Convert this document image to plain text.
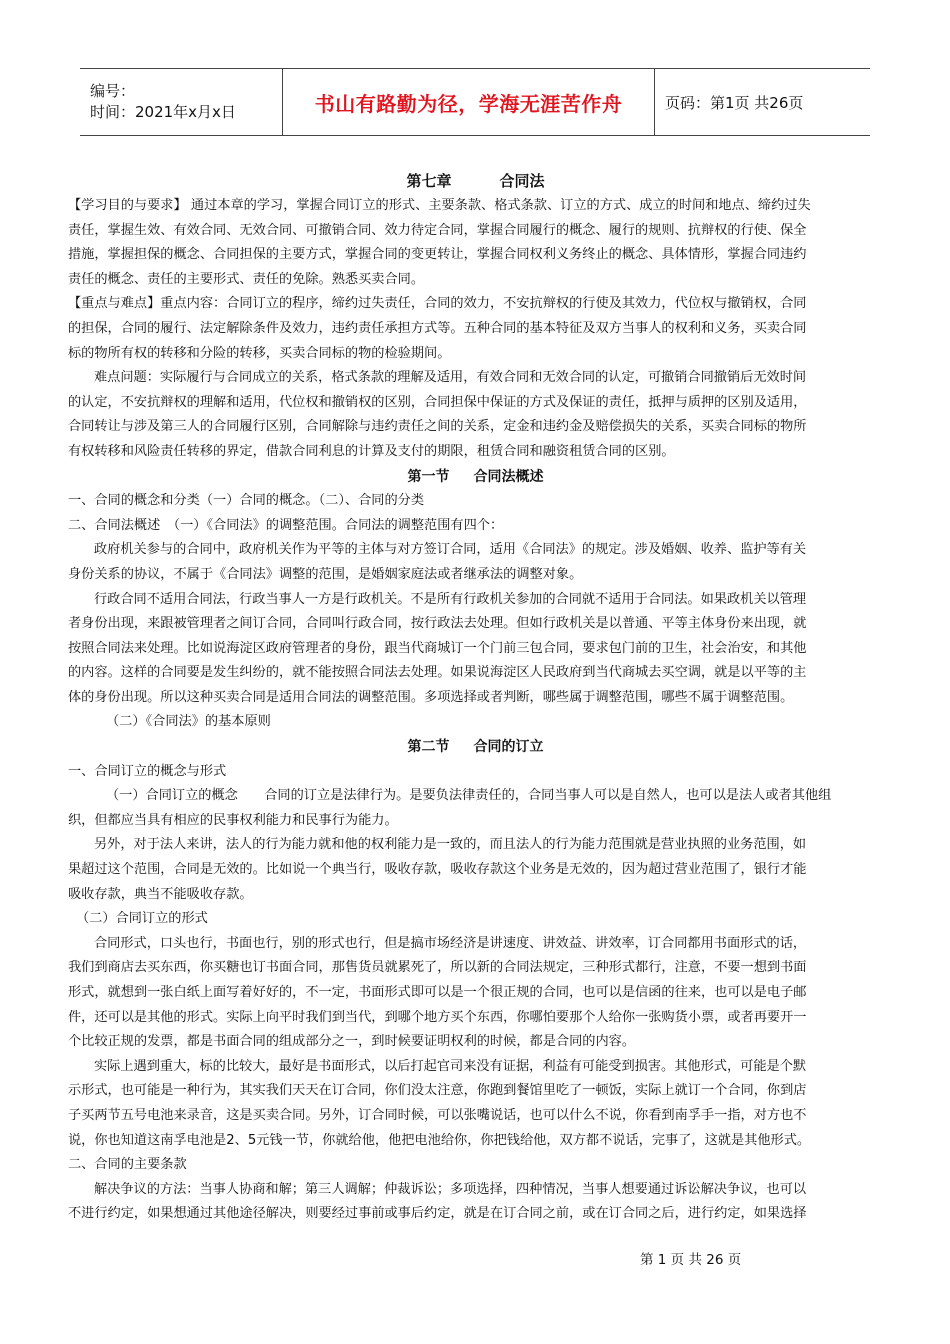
编号：
时间：2021年x月x日	书山有路勤为径，学海无涯苦作舟	页码：第1页 共26页
第七章	合同法
【学习目的与要求】 通过本章的学习，掌握合同订立的形式、主要条款、格式条款、订立的方式、成立的时间和地点、缔约过失
责任，掌握生效、有效合同、无效合同、可撤销合同、效力待定合同，掌握合同履行的概念、履行的规则、抗辩权的行使、保全
措施，掌握担保的概念、合同担保的主要方式，掌握合同的变更转让，掌握合同权利义务终止的概念、具体情形，掌握合同违约
责任的概念、责任的主要形式、责任的免除。熟悉买卖合同。
【重点与难点】重点内容：合同订立的程序，缔约过失责任，合同的效力，不安抗辩权的行使及其效力，代位权与撤销权，合同
的担保，合同的履行、法定解除条件及效力，违约责任承担方式等。五种合同的基本特征及双方当事人的权利和义务，买卖合同
标的物所有权的转移和分险的转移，买卖合同标的物的检验期间。
难点问题：实际履行与合同成立的关系，格式条款的理解及适用，有效合同和无效合同的认定，可撤销合同撤销后无效时间
的认定，不安抗辩权的理解和适用，代位权和撤销权的区别，合同担保中保证的方式及保证的责任，抵押与质押的区别及适用，
合同转让与涉及第三人的合同履行区别，合同解除与违约责任之间的关系，定金和违约金及赔偿损失的关系，买卖合同标的物所
有权转移和风险责任转移的界定，借款合同利息的计算及支付的期限，租赁合同和融资租赁合同的区别。
第一节 合同法概述
一、合同的概念和分类（一）合同的概念。（二）、合同的分类
二、合同法概述　（一）《合同法》的调整范围。合同法的调整范围有四个：
政府机关参与的合同中，政府机关作为平等的主体与对方签订合同，适用《合同法》的规定。涉及婚姻、收养、监护等有关
身份关系的协议，不属于《合同法》调整的范围，是婚姻家庭法或者继承法的调整对象。
行政合同不适用合同法，行政当事人一方是行政机关。不是所有行政机关参加的合同就不适用于合同法。如果政机关以管理
者身份出现，来跟被管理者之间订合同，合同叫行政合同，按行政法去处理。但如行政机关是以普通、平等主体身份来出现，就
按照合同法来处理。比如说海淀区政府管理者的身份，跟当代商城订一个门前三包合同，要求包门前的卫生，社会治安，和其他
的内容。这样的合同要是发生纠纷的，就不能按照合同法去处理。如果说海淀区人民政府到当代商城去买空调，就是以平等的主
体的身份出现。所以这种买卖合同是适用合同法的调整范围。多项选择或者判断，哪些属于调整范围，哪些不属于调整范围。
（二）《合同法》的基本原则
第二节 合同的订立
一、合同订立的概念与形式
（一）合同订立的概念　　合同的订立是法律行为。是要负法律责任的，合同当事人可以是自然人，也可以是法人或者其他组
织，但都应当具有相应的民事权利能力和民事行为能力。
另外，对于法人来讲，法人的行为能力就和他的权利能力是一致的，而且法人的行为能力范围就是营业执照的业务范围，如
果超过这个范围，合同是无效的。比如说一个典当行，吸收存款，吸收存款这个业务是无效的，因为超过营业范围了，银行才能
吸收存款，典当不能吸收存款。
（二）合同订立的形式
合同形式，口头也行，书面也行，别的形式也行，但是搞市场经济是讲速度、讲效益、讲效率，订合同都用书面形式的话，
我们到商店去买东西，你买糖也订书面合同，那售货员就累死了，所以新的合同法规定，三种形式都行，注意，不要一想到书面
形式，就想到一张白纸上面写着好好的，不一定，书面形式即可以是一个很正规的合同，也可以是信函的往来，也可以是电子邮
件，还可以是其他的形式。实际上向平时我们到当代，到哪个地方买个东西，你哪怕要那个人给你一张购货小票，或者再要开一
个比较正规的发票，都是书面合同的组成部分之一，到时候要证明权利的时候，都是合同的内容。
实际上遇到重大，标的比较大，最好是书面形式，以后打起官司来没有证据，利益有可能受到损害。其他形式，可能是个默
示形式，也可能是一种行为，其实我们天天在订合同，你们没太注意，你跑到餐馆里吃了一顿饭，实际上就订一个合同，你到店
子买两节五号电池来录音，这是买卖合同。另外，订合同时候，可以张嘴说话，也可以什么不说，你看到南孚手一指，对方也不
说，你也知道这南孚电池是2、5元钱一节，你就给他，他把电池给你，你把钱给他，双方都不说话，完事了，这就是其他形式。
二、合同的主要条款
解决争议的方法：当事人协商和解；第三人调解；仲裁诉讼；多项选择，四种情况，当事人想要通过诉讼解决争议，也可以
不进行约定，如果想通过其他途径解决，则要经过事前或事后约定，就是在订合同之前，或在订合同之后，进行约定，如果选择
第 1 页 共 26 页
